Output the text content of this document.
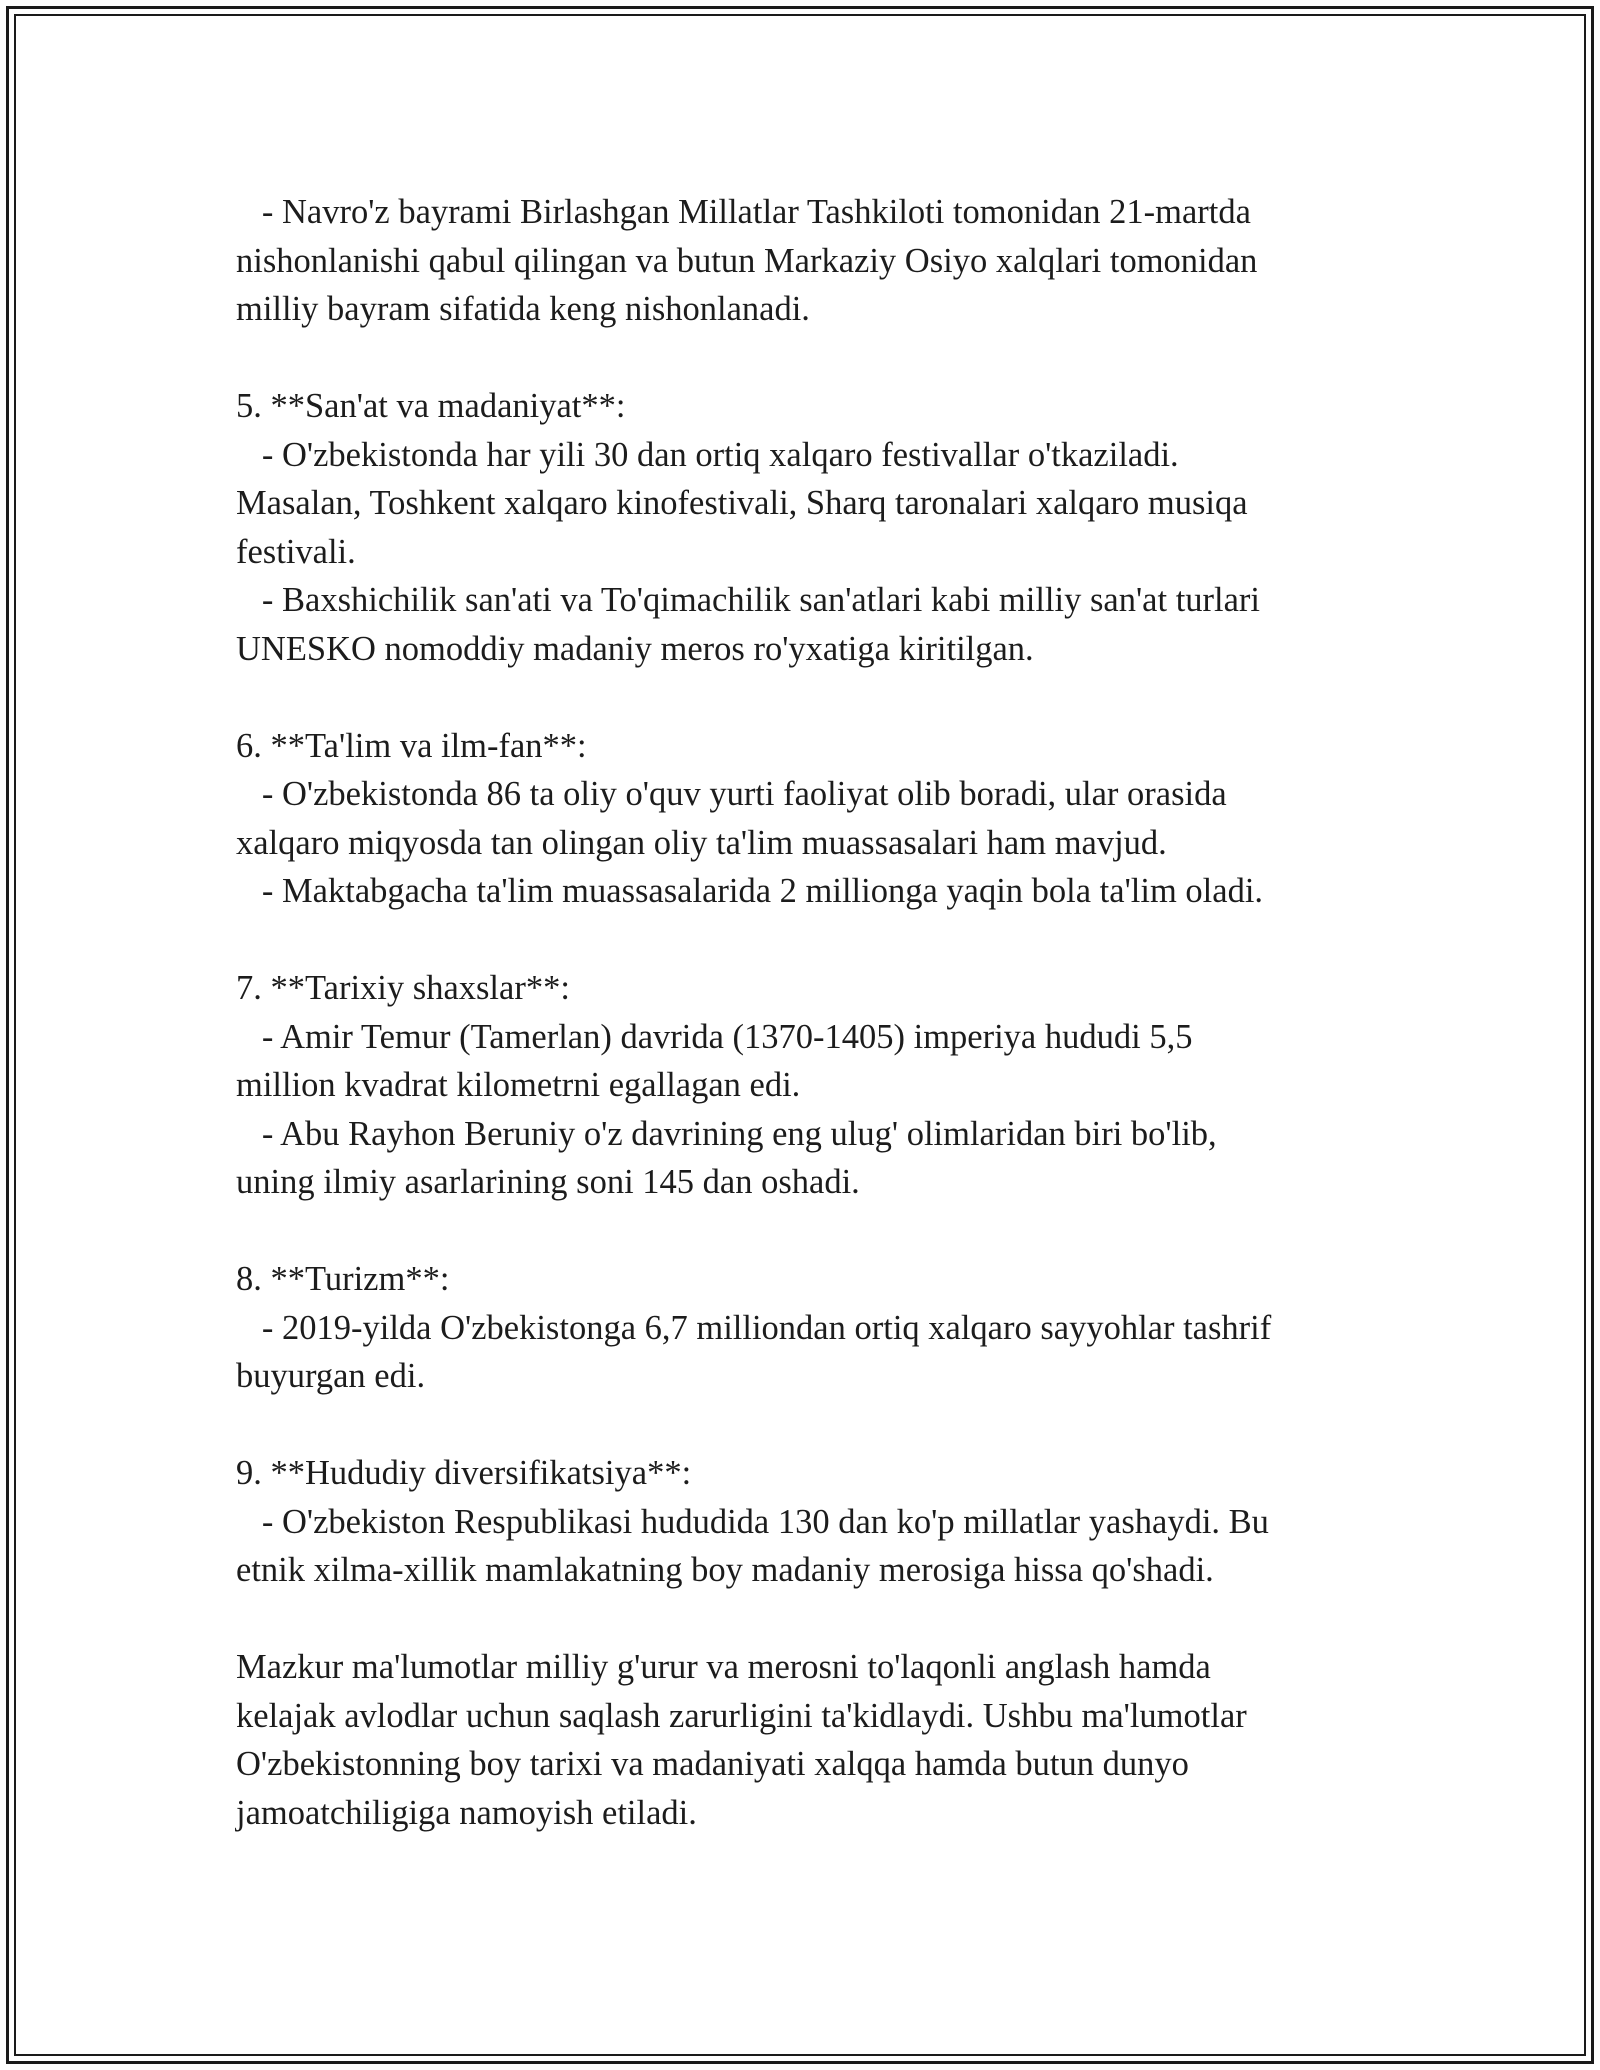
- Navro'z bayrami Birlashgan Millatlar Tashkiloti tomonidan 21-martda
nishonlanishi qabul qilingan va butun Markaziy Osiyo xalqlari tomonidan
milliy bayram sifatida keng nishonlanadi.
5. **San'at va madaniyat**:
- O'zbekistonda har yili 30 dan ortiq xalqaro festivallar o'tkaziladi.
Masalan, Toshkent xalqaro kinofestivali, Sharq taronalari xalqaro musiqa
festivali.
- Baxshichilik san'ati va To'qimachilik san'atlari kabi milliy san'at turlari
UNESKO nomoddiy madaniy meros ro'yxatiga kiritilgan.
6. **Ta'lim va ilm-fan**:
- O'zbekistonda 86 ta oliy o'quv yurti faoliyat olib boradi, ular orasida
xalqaro miqyosda tan olingan oliy ta'lim muassasalari ham mavjud.
- Maktabgacha ta'lim muassasalarida 2 millionga yaqin bola ta'lim oladi.
7. **Tarixiy shaxslar**:
- Amir Temur (Tamerlan) davrida (1370-1405) imperiya hududi 5,5
million kvadrat kilometrni egallagan edi.
- Abu Rayhon Beruniy o'z davrining eng ulug' olimlaridan biri bo'lib,
uning ilmiy asarlarining soni 145 dan oshadi.
8. **Turizm**:
- 2019-yilda O'zbekistonga 6,7 milliondan ortiq xalqaro sayyohlar tashrif
buyurgan edi.
9. **Hududiy diversifikatsiya**:
- O'zbekiston Respublikasi hududida 130 dan ko'p millatlar yashaydi. Bu
etnik xilma-xillik mamlakatning boy madaniy merosiga hissa qo'shadi.
Mazkur ma'lumotlar milliy g'urur va merosni to'laqonli anglash hamda
kelajak avlodlar uchun saqlash zarurligini ta'kidlaydi. Ushbu ma'lumotlar
O'zbekistonning boy tarixi va madaniyati xalqqa hamda butun dunyo
jamoatchiligiga namoyish etiladi.
